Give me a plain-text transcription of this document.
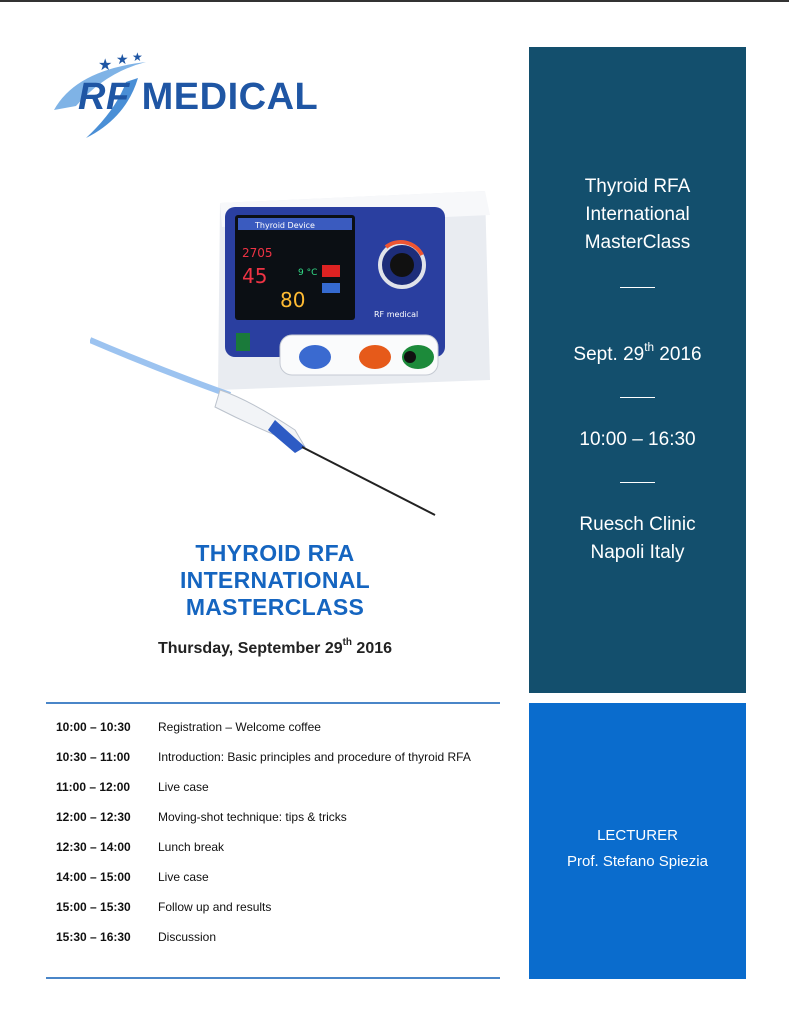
★ ★ ★
RF MEDICAL
Thyroid Device
2705
45
80
9 °C
RF medical
THYROID RFA
INTERNATIONAL
MASTERCLASS
Thursday, September 29th 2016
10:00 – 10:30	Registration – Welcome coffee
10:30 – 11:00	Introduction: Basic principles and procedure of thyroid RFA
11:00 – 12:00	Live case
12:00 – 12:30	Moving-shot technique: tips & tricks
12:30 – 14:00	Lunch break
14:00 – 15:00	Live case
15:00 – 15:30	Follow up and results
15:30 – 16:30	Discussion
Thyroid RFA
International
MasterClass
Sept. 29th 2016
10:00 – 16:30
Ruesch Clinic
Napoli Italy
LECTURER
Prof. Stefano Spiezia
